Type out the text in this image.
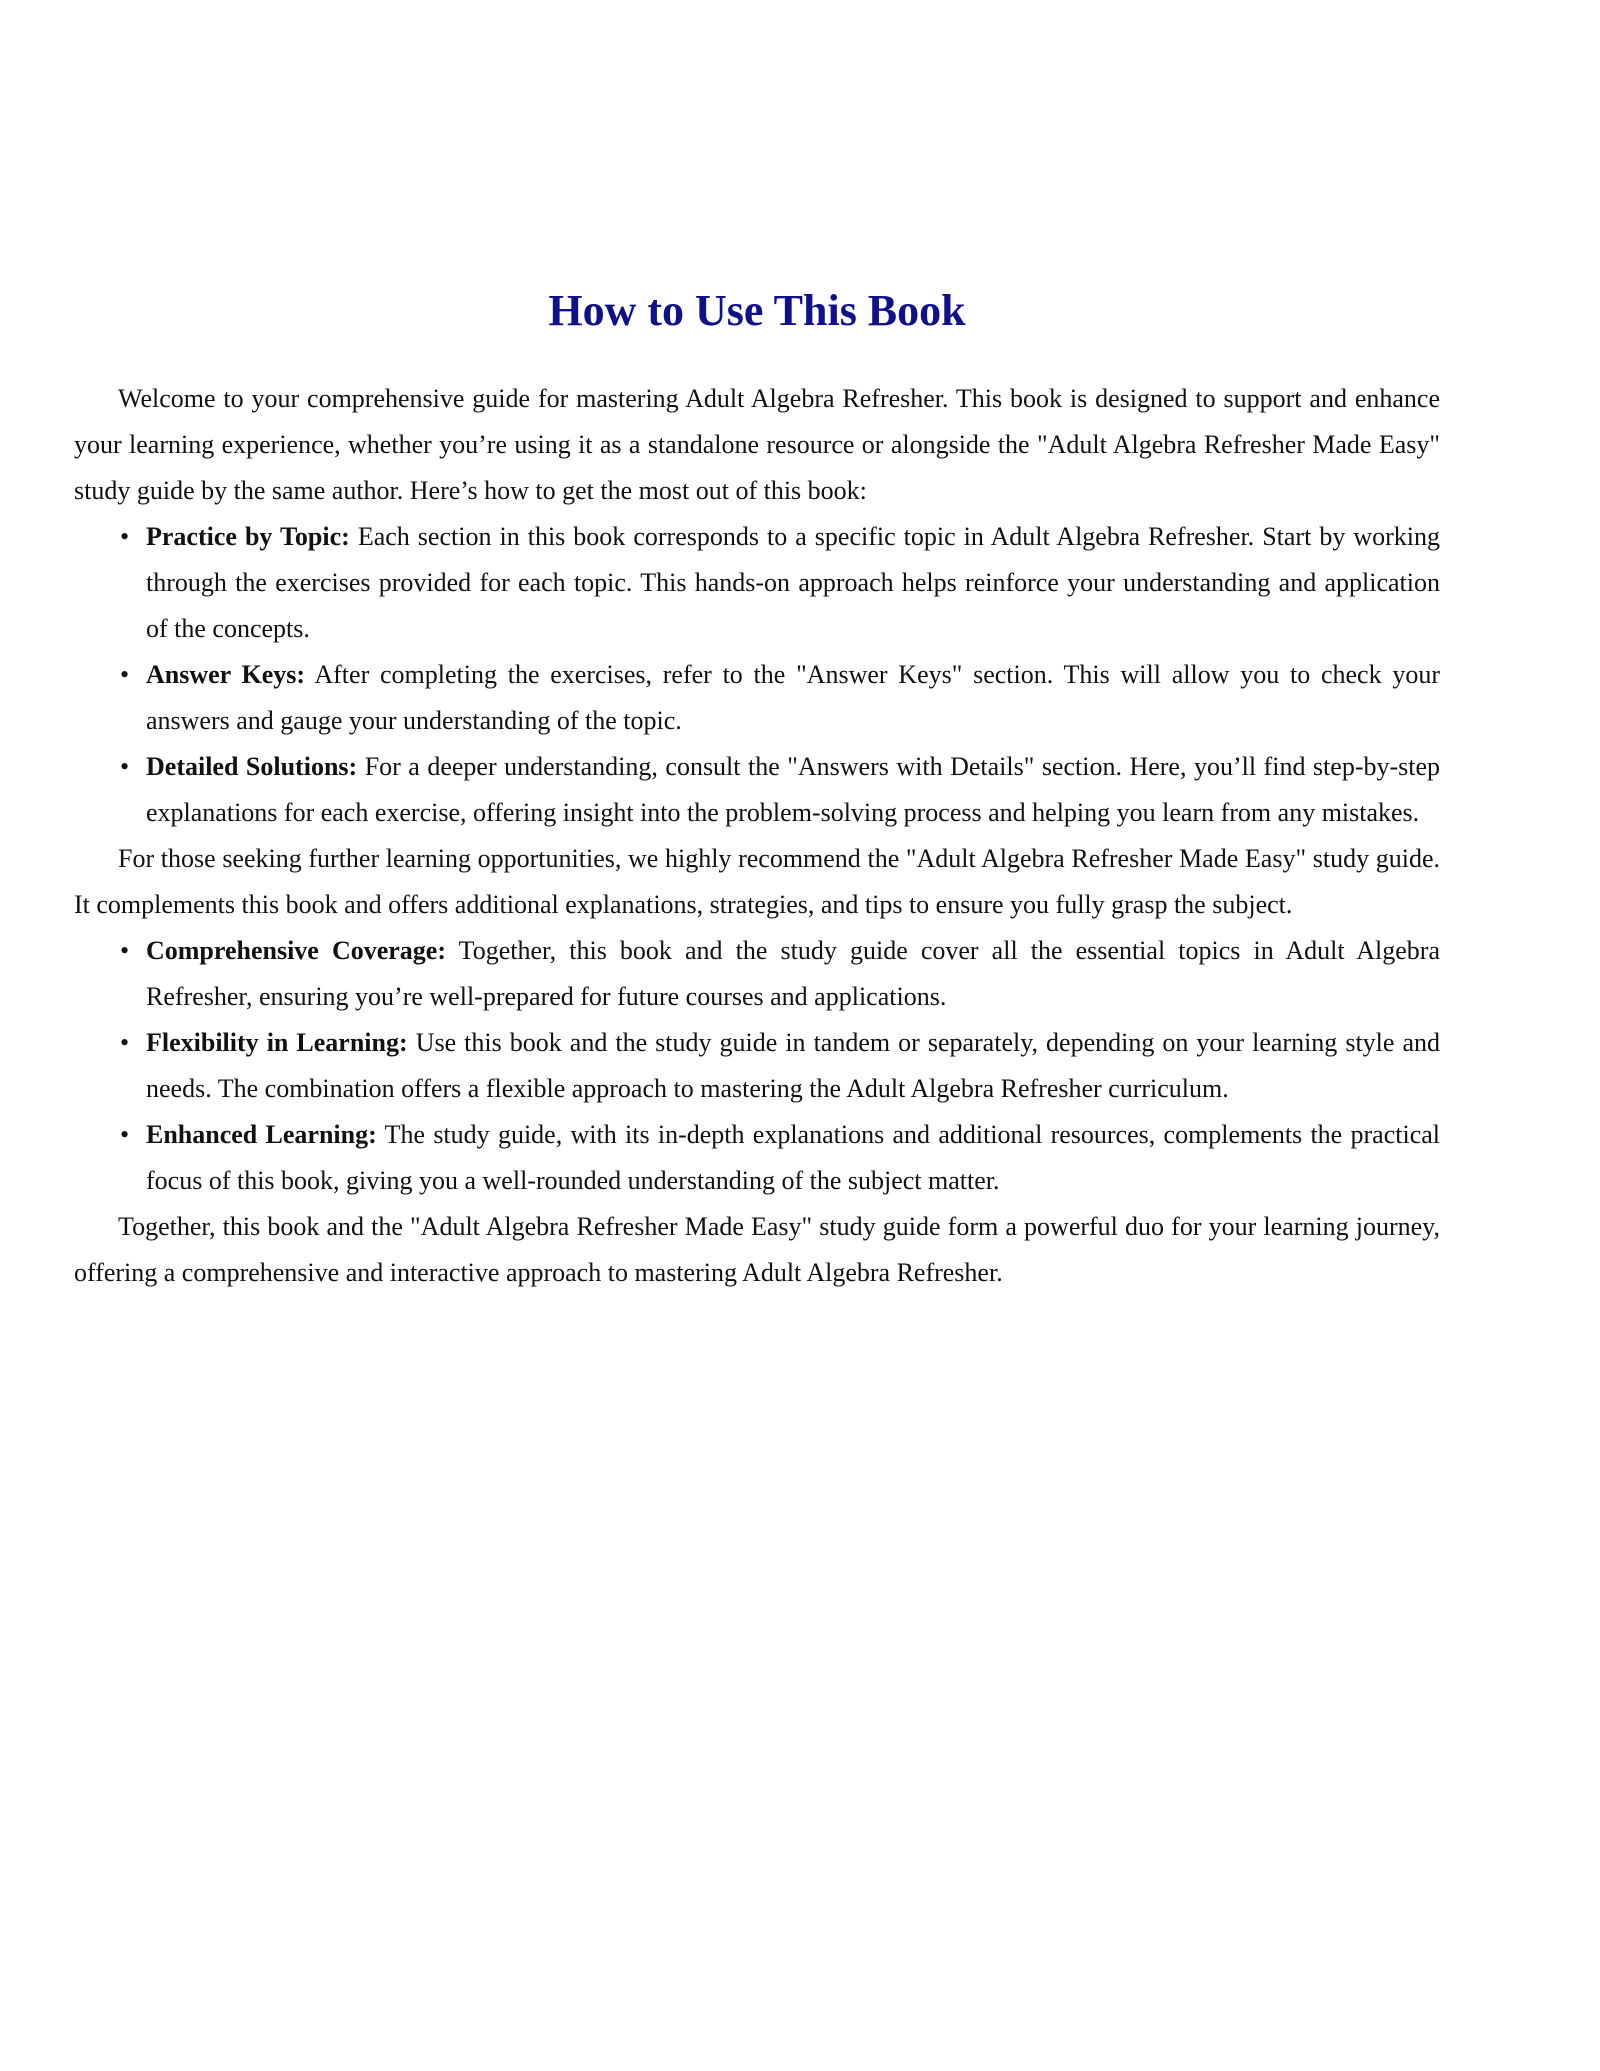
How to Use This Book

Welcome to your comprehensive guide for mastering Adult Algebra Refresher. This book is designed to support and enhance your learning experience, whether you’re using it as a standalone resource or alongside the "Adult Algebra Refresher Made Easy" study guide by the same author. Here’s how to get the most out of this book:

• Practice by Topic: Each section in this book corresponds to a specific topic in Adult Algebra Refresher. Start by working through the exercises provided for each topic. This hands-on approach helps reinforce your understanding and application of the concepts.
• Answer Keys: After completing the exercises, refer to the "Answer Keys" section. This will allow you to check your answers and gauge your understanding of the topic.
• Detailed Solutions: For a deeper understanding, consult the "Answers with Details" section. Here, you’ll find step-by-step explanations for each exercise, offering insight into the problem-solving process and helping you learn from any mistakes.

For those seeking further learning opportunities, we highly recommend the "Adult Algebra Refresher Made Easy" study guide. It complements this book and offers additional explanations, strategies, and tips to ensure you fully grasp the subject.

• Comprehensive Coverage: Together, this book and the study guide cover all the essential topics in Adult Algebra Refresher, ensuring you’re well-prepared for future courses and applications.
• Flexibility in Learning: Use this book and the study guide in tandem or separately, depending on your learning style and needs. The combination offers a flexible approach to mastering the Adult Algebra Refresher curriculum.
• Enhanced Learning: The study guide, with its in-depth explanations and additional resources, complements the practical focus of this book, giving you a well-rounded understanding of the subject matter.

Together, this book and the "Adult Algebra Refresher Made Easy" study guide form a powerful duo for your learning journey, offering a comprehensive and interactive approach to mastering Adult Algebra Refresher.
